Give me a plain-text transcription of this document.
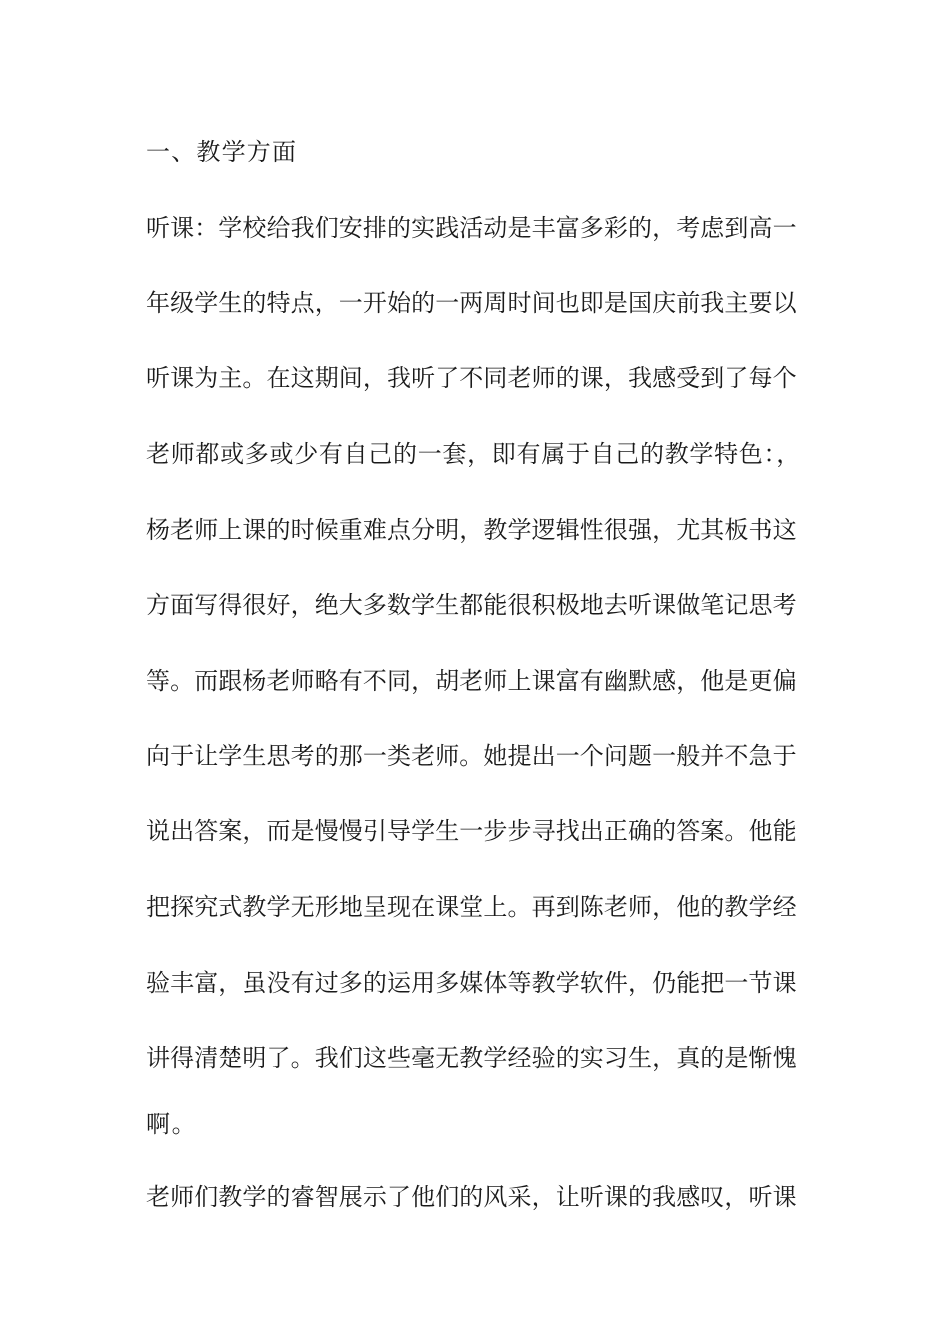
一、教学方面

听课：学校给我们安排的实践活动是丰富多彩的，考虑到高一

年级学生的特点，一开始的一两周时间也即是国庆前我主要以

听课为主。在这期间，我听了不同老师的课，我感受到了每个

老师都或多或少有自己的一套，即有属于自己的教学特色：，

杨老师上课的时候重难点分明，教学逻辑性很强，尤其板书这

方面写得很好，绝大多数学生都能很积极地去听课做笔记思考

等。而跟杨老师略有不同，胡老师上课富有幽默感，他是更偏

向于让学生思考的那一类老师。她提出一个问题一般并不急于

说出答案，而是慢慢引导学生一步步寻找出正确的答案。他能

把探究式教学无形地呈现在课堂上。再到陈老师，他的教学经

验丰富，虽没有过多的运用多媒体等教学软件，仍能把一节课

讲得清楚明了。我们这些毫无教学经验的实习生，真的是惭愧

啊。

老师们教学的睿智展示了他们的风采，让听课的我感叹，听课
